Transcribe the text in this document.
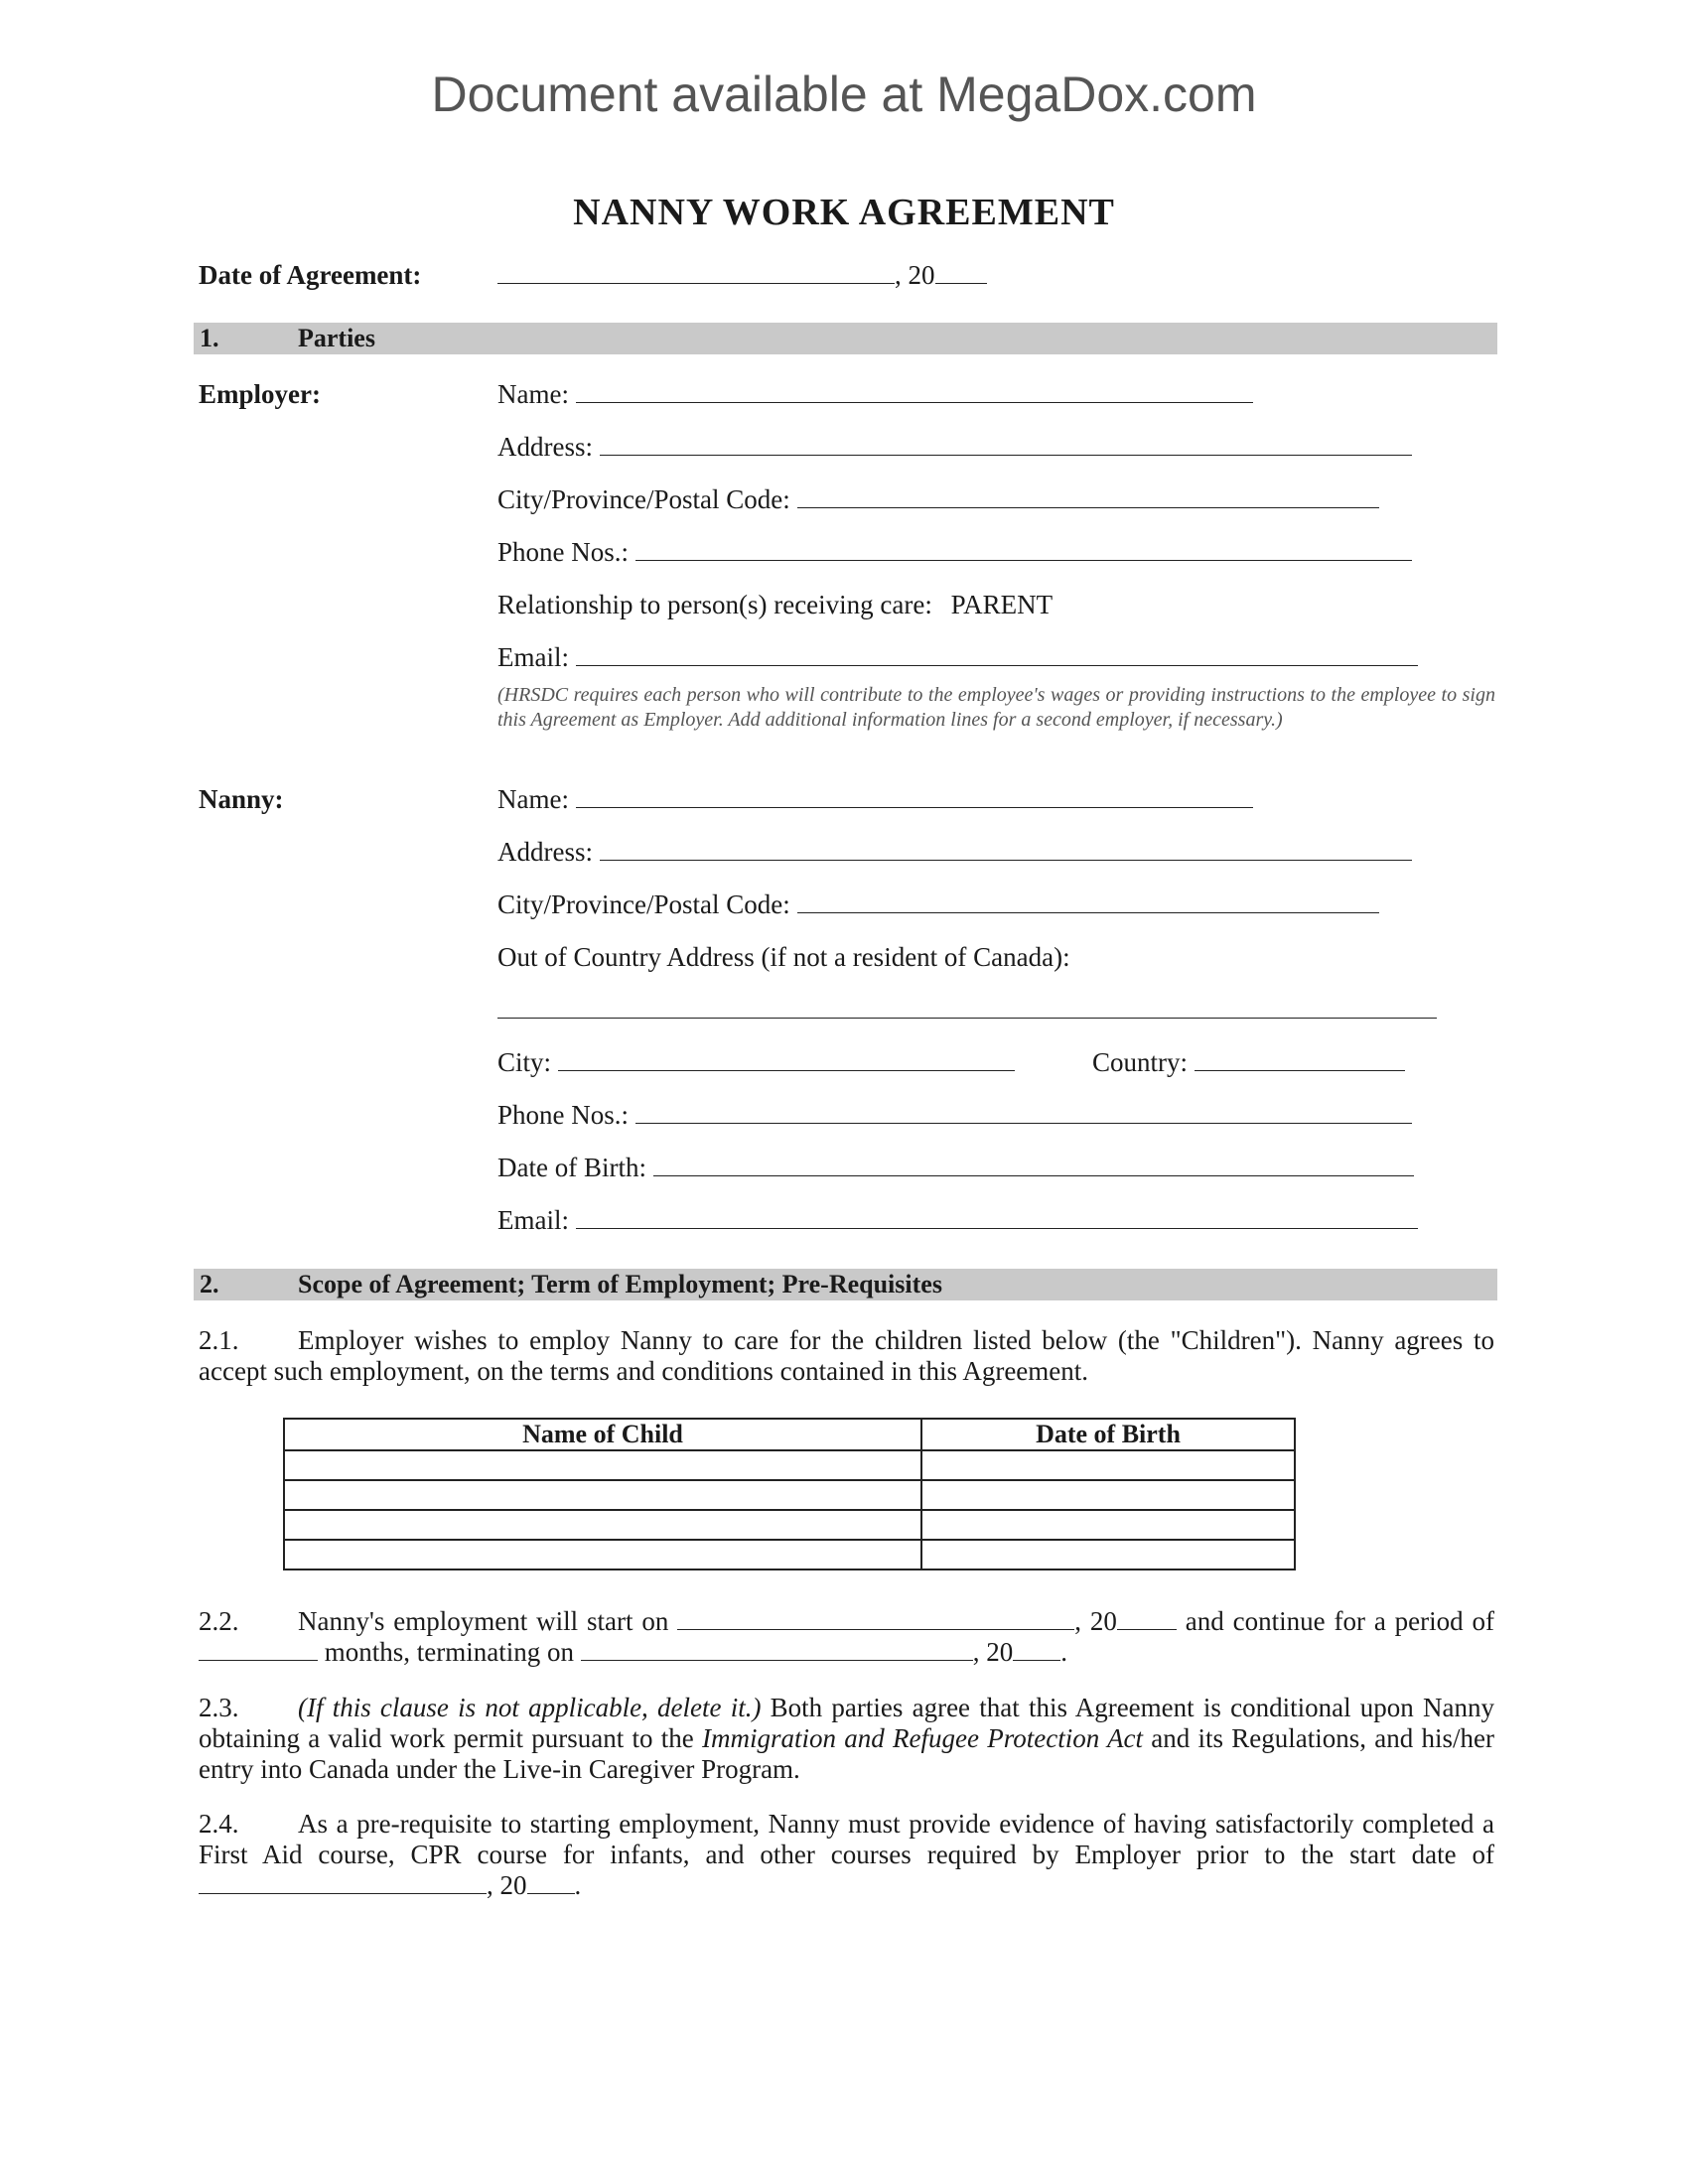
Document available at MegaDox.com
NANNY WORK AGREEMENT
Date of Agreement:	, 20
1.	Parties
Employer:	Name:
Address:
City/Province/Postal Code:
Phone Nos.:
Relationship to person(s) receiving care: PARENT
Email:
(HRSDC requires each person who will contribute to the employee's wages or providing instructions to the employee to sign this Agreement as Employer. Add additional information lines for a second employer, if necessary.)
Nanny:	Name:
Address:
City/Province/Postal Code:
Out of Country Address (if not a resident of Canada):
City:	Country:
Phone Nos.:
Date of Birth:
Email:
2.	Scope of Agreement; Term of Employment; Pre-Requisites
2.1. Employer wishes to employ Nanny to care for the children listed below (the "Children"). Nanny agrees to accept such employment, on the terms and conditions contained in this Agreement.
Name of Child	Date of Birth

2.2. Nanny's employment will start on	, 20	and continue for a period of  months, terminating on	, 20 .
2.3. (If this clause is not applicable, delete it.) Both parties agree that this Agreement is conditional upon Nanny obtaining a valid work permit pursuant to the Immigration and Refugee Protection Act and its Regulations, and his/her entry into Canada under the Live-in Caregiver Program.
2.4. As a pre-requisite to starting employment, Nanny must provide evidence of having satisfactorily completed a First Aid course, CPR course for infants, and other courses required by Employer prior to the start date of , 20 .
